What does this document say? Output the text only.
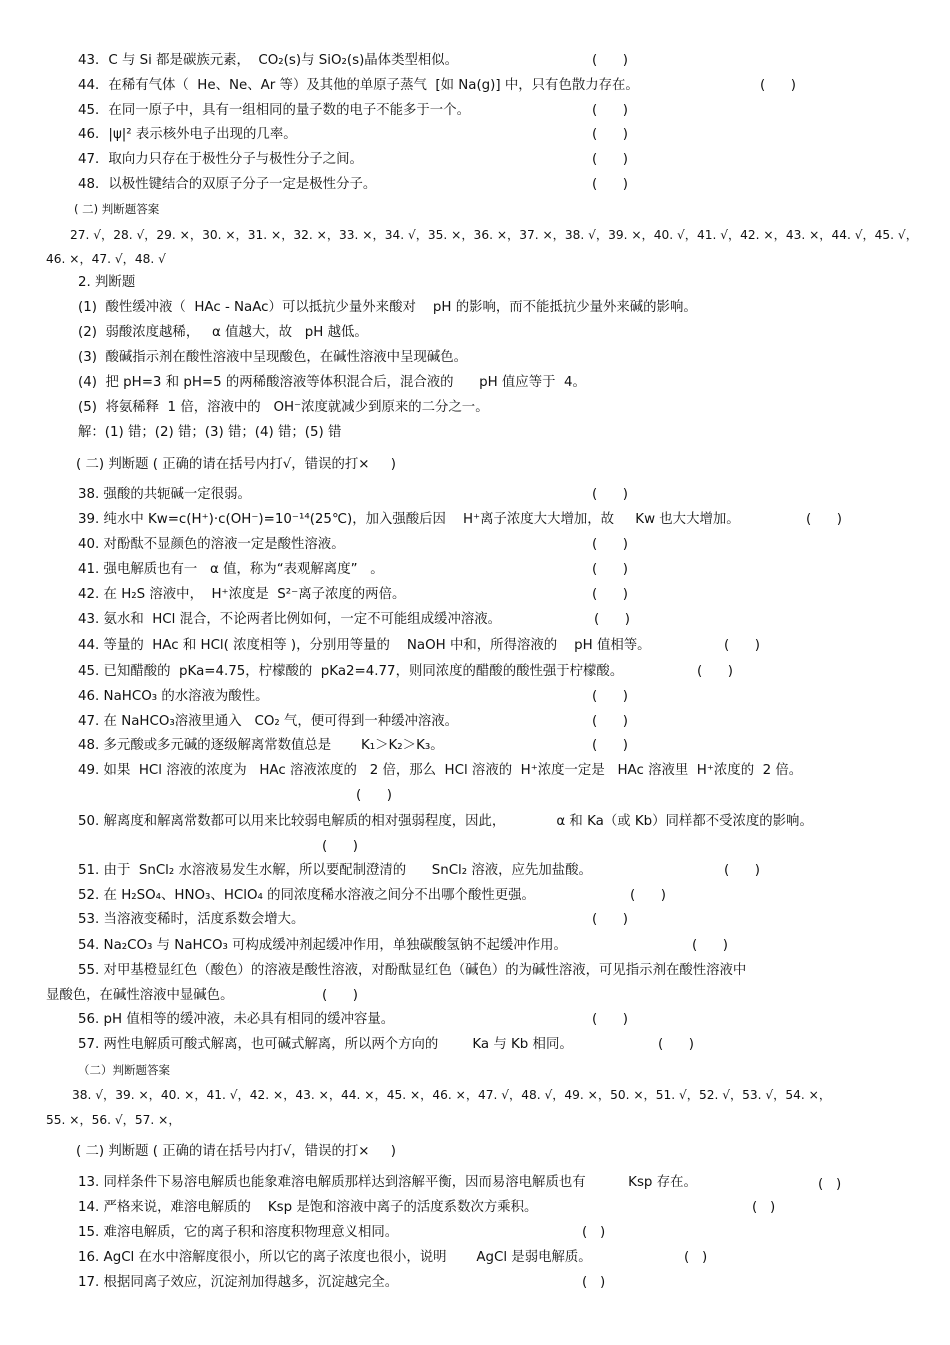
43．C 与 Si 都是碳族元素，  CO₂(s)与 SiO₂(s)晶体类型相似。	(      )
44．在稀有气体（  He、Ne、Ar 等）及其他的单原子蒸气  [如 Na(g)] 中，只有色散力存在。	(      )
45．在同一原子中，具有一组相同的量子数的电子不能多于一个。	(      )
46．|ψ|² 表示核外电子出现的几率。	(      )
47．取向力只存在于极性分子与极性分子之间。	(      )
48．以极性键结合的双原子分子一定是极性分子。	(      )
( 二) 判断题答案
27. √，28. √，29. ×，30. ×，31. ×，32. ×，33. ×，34. √，35. ×，36. ×，37. ×，38. √，39. ×，40. √，41. √，42. ×，43. ×，44. √，45. √，
46. ×，47. √，48. √
2. 判断题
(1)  酸性缓冲液（  HAc - NaAc）可以抵抗少量外来酸对    pH 的影响，而不能抵抗少量外来碱的影响。
(2)  弱酸浓度越稀，   α 值越大，故   pH 越低。
(3)  酸碱指示剂在酸性溶液中呈现酸色，在碱性溶液中呈现碱色。
(4)  把 pH=3 和 pH=5 的两稀酸溶液等体积混合后，混合液的      pH 值应等于  4。
(5)  将氨稀释  1 倍，溶液中的   OH⁻浓度就减少到原来的二分之一。
解：(1) 错；(2) 错；(3) 错；(4) 错；(5) 错
( 二) 判断题 ( 正确的请在括号内打√，错误的打×     )
38. 强酸的共轭碱一定很弱。	(      )
39. 纯水中 Kw=c(H⁺)·c(OH⁻)=10⁻¹⁴(25℃)，加入强酸后因    H⁺离子浓度大大增加，故     Kw 也大大增加。	(      )
40. 对酚酞不显颜色的溶液一定是酸性溶液。	(      )
41. 强电解质也有一   α 值，称为“表观解离度”   。	(      )
42. 在 H₂S 溶液中，  H⁺浓度是  S²⁻离子浓度的两倍。	(      )
43. 氨水和  HCl 混合，不论两者比例如何，一定不可能组成缓冲溶液。	(      )
44. 等量的  HAc 和 HCl( 浓度相等 )，分别用等量的    NaOH 中和，所得溶液的    pH 值相等。	(      )
45. 已知醋酸的  pKa=4.75，柠檬酸的  pKa2=4.77，则同浓度的醋酸的酸性强于柠檬酸。	(      )
46. NaHCO₃ 的水溶液为酸性。	(      )
47. 在 NaHCO₃溶液里通入   CO₂ 气，便可得到一种缓冲溶液。	(      )
48. 多元酸或多元碱的逐级解离常数值总是       K₁＞K₂＞K₃。	(      )
49. 如果  HCl 溶液的浓度为   HAc 溶液浓度的   2 倍，那么  HCl 溶液的  H⁺浓度一定是   HAc 溶液里  H⁺浓度的  2 倍。
(      )
50. 解离度和解离常数都可以用来比较弱电解质的相对强弱程度，因此，            α 和 Ka（或 Kb）同样都不受浓度的影响。
(      )
51. 由于  SnCl₂ 水溶液易发生水解，所以要配制澄清的      SnCl₂ 溶液，应先加盐酸。	(      )
52. 在 H₂SO₄、HNO₃、HClO₄ 的同浓度稀水溶液之间分不出哪个酸性更强。	(      )
53. 当溶液变稀时，活度系数会增大。	(      )
54. Na₂CO₃ 与 NaHCO₃ 可构成缓冲剂起缓冲作用，单独碳酸氢钠不起缓冲作用。	(      )
55. 对甲基橙显红色（酸色）的溶液是酸性溶液，对酚酞显红色（碱色）的为碱性溶液，可见指示剂在酸性溶液中
显酸色，在碱性溶液中显碱色。	(      )
56. pH 值相等的缓冲液，未必具有相同的缓冲容量。	(      )
57. 两性电解质可酸式解离，也可碱式解离，所以两个方向的        Ka 与 Kb 相同。	(      )
（二）判断题答案
38. √，39. ×，40. ×，41. √，42. ×，43. ×，44. ×，45. ×，46. ×，47. √，48. √，49. ×，50. ×，51. √，52. √，53. √，54. ×，
55. ×，56. √，57. ×，
( 二) 判断题 ( 正确的请在括号内打√，错误的打×     )
13. 同样条件下易溶电解质也能象难溶电解质那样达到溶解平衡，因而易溶电解质也有          Ksp 存在。	(   )
14. 严格来说，难溶电解质的    Ksp 是饱和溶液中离子的活度系数次方乘积。	(   )
15. 难溶电解质，它的离子积和溶度积物理意义相同。	(   )
16. AgCl 在水中溶解度很小，所以它的离子浓度也很小，说明       AgCl 是弱电解质。	(   )
17. 根据同离子效应，沉淀剂加得越多，沉淀越完全。	(   )
